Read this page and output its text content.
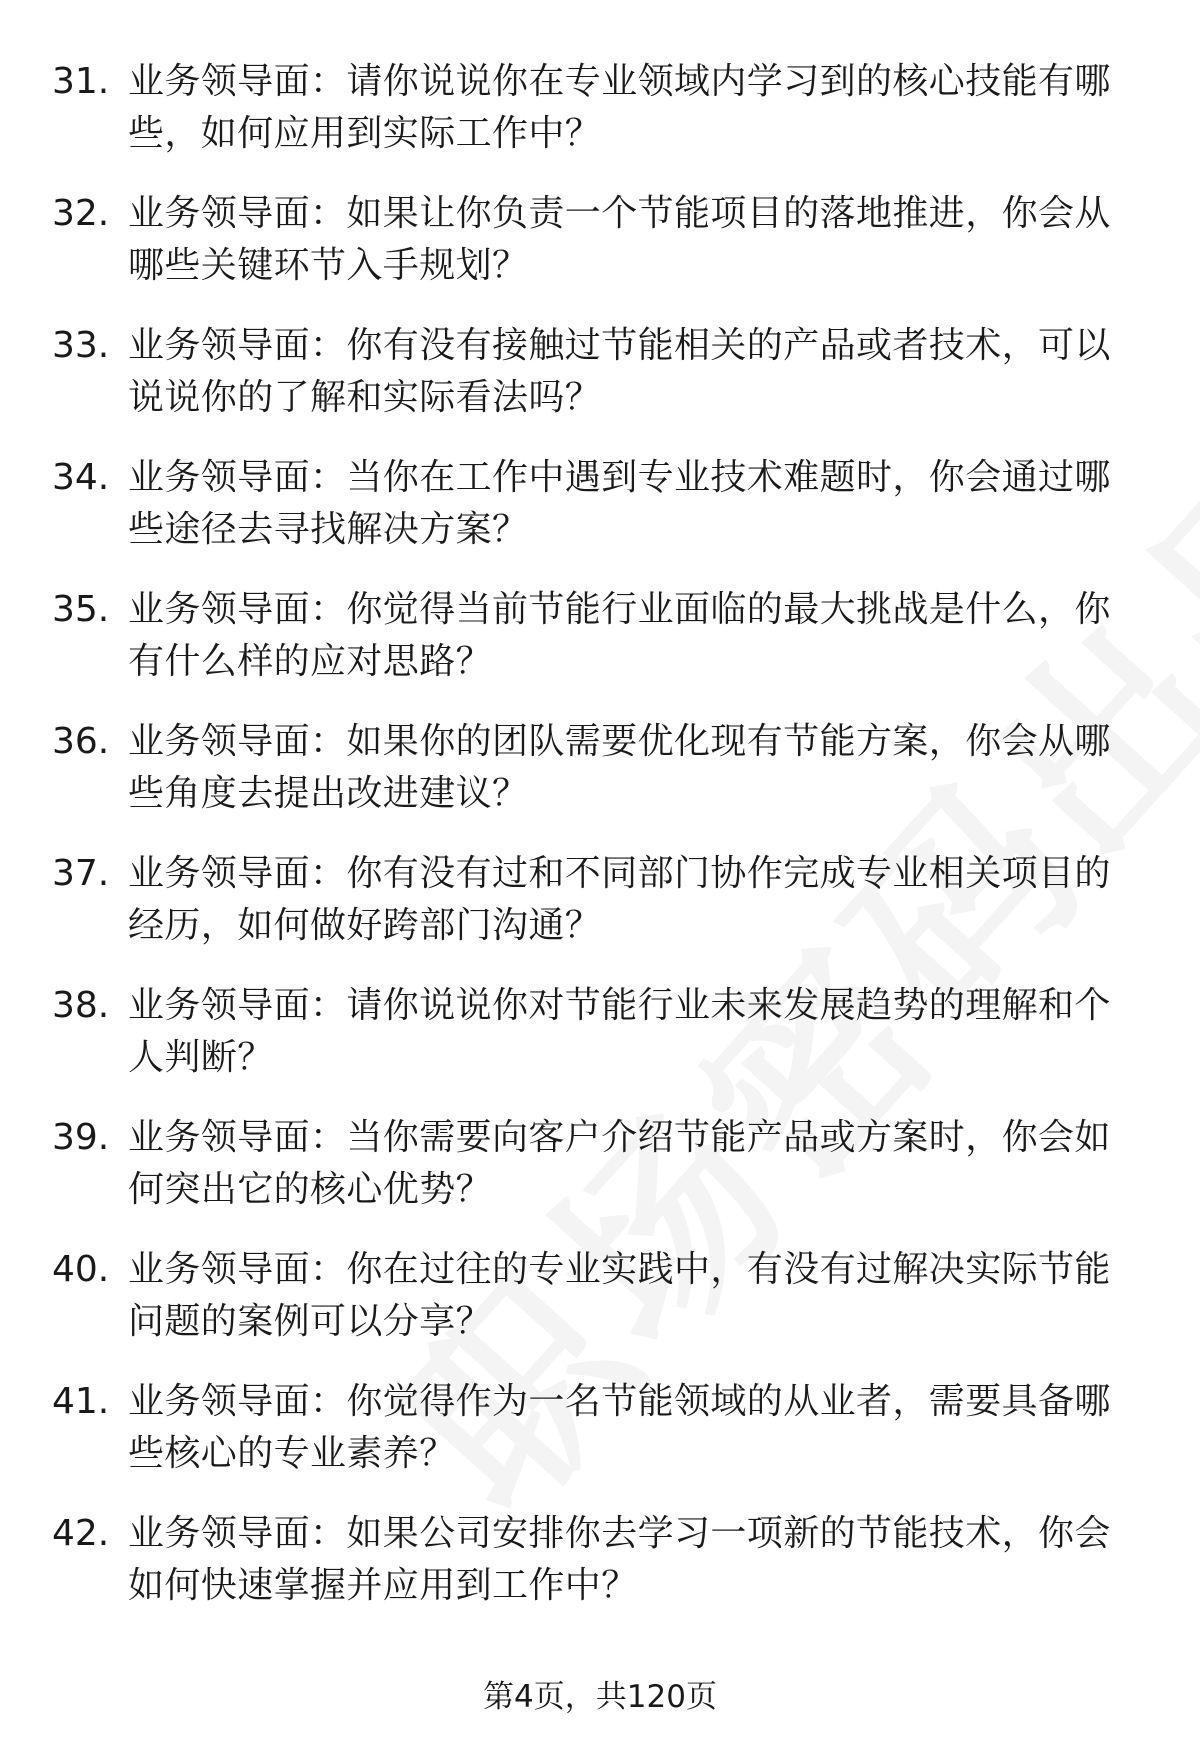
31. 业务领导面：请你说说你在专业领域内学习到的核心技能有哪些，如何应用到实际工作中？
32. 业务领导面：如果让你负责一个节能项目的落地推进，你会从哪些关键环节入手规划？
33. 业务领导面：你有没有接触过节能相关的产品或者技术，可以说说你的了解和实际看法吗？
34. 业务领导面：当你在工作中遇到专业技术难题时，你会通过哪些途径去寻找解决方案？
35. 业务领导面：你觉得当前节能行业面临的最大挑战是什么，你有什么样的应对思路？
36. 业务领导面：如果你的团队需要优化现有节能方案，你会从哪些角度去提出改进建议？
37. 业务领导面：你有没有过和不同部门协作完成专业相关项目的经历，如何做好跨部门沟通？
38. 业务领导面：请你说说你对节能行业未来发展趋势的理解和个人判断？
39. 业务领导面：当你需要向客户介绍节能产品或方案时，你会如何突出它的核心优势？
40. 业务领导面：你在过往的专业实践中，有没有过解决实际节能问题的案例可以分享？
41. 业务领导面：你觉得作为一名节能领域的从业者，需要具备哪些核心的专业素养？
42. 业务领导面：如果公司安排你去学习一项新的节能技术，你会如何快速掌握并应用到工作中？
第4页，共120页
